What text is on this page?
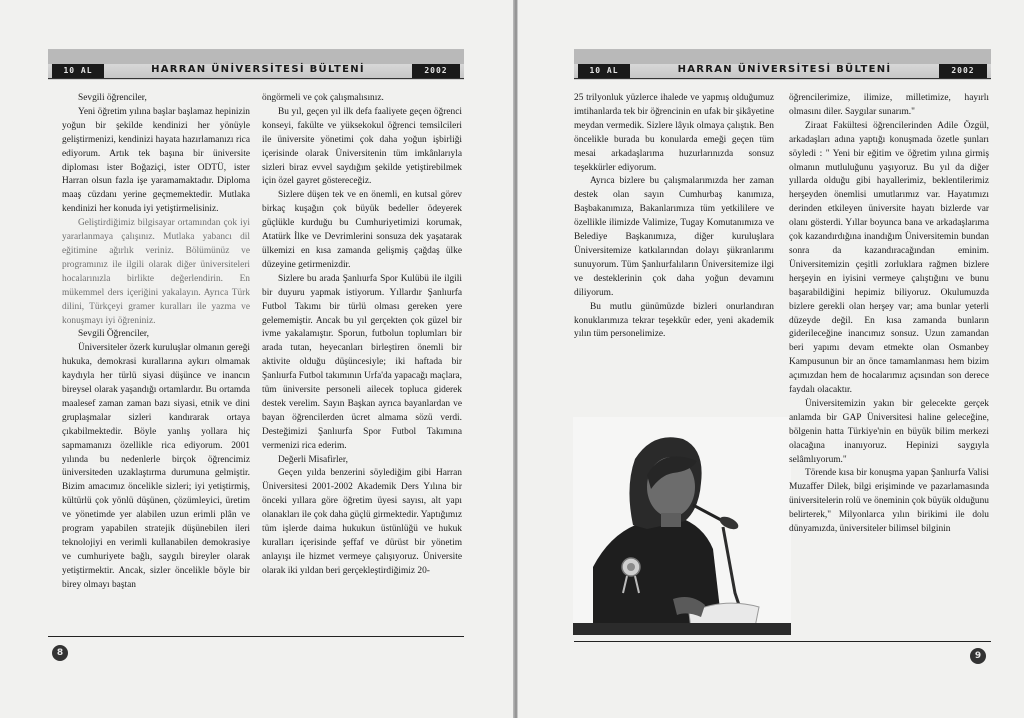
10 AL	HARRAN ÜNİVERSİTESİ BÜLTENİ	2002

Sevgili öğrenciler,

Yeni öğretim yılına başlar başlamaz hepinizin yoğun bir şekilde kendinizi her yönüyle geliştirmenizi, kendinizi hayata hazırlamanızı rica ediyorum. Artık tek başına bir üniversite diploması ister Boğaziçi, ister ODTÜ, ister Harran olsun fazla işe yaramamaktadır. Diploma maaş cüzdanı yerine geçmemektedir. Mutlaka kendinizi her konuda iyi yetiştirmelisiniz.

Geliştirdiğimiz bilgisayar ortamından çok iyi yararlanmaya çalışınız. Mutlaka yabancı dil eğitimine ağırlık veriniz. Bölümünüz ve programınız ile ilgili olarak diğer üniversiteleri hocalarınızla birlikte değerlendirin. En mükemmel ders içeriğini yakalayın. Ayrıca Türk dilini, Türkçeyi gramer kuralları ile yazma ve konuşmayı iyi öğreniniz.

Sevgili Öğrenciler,

Üniversiteler özerk kuruluşlar olmanın gereği hukuka, demokrasi kurallarına aykırı olmamak kaydıyla her türlü siyasi düşünce ve inancın bireysel olarak yaşandığı ortamlardır. Bu ortamda maalesef zaman zaman bazı siyasi, etnik ve dini gruplaşmalar sizleri kandırarak ortaya çıkabilmektedir. Böyle yanlış yollara hiç sapmamanızı özellikle rica ediyorum. 2001 yılında bu nedenlerle birçok öğrencimiz üniversiteden uzaklaştırma durumuna gelmiştir. Bizim amacımız öncelikle sizleri; iyi yetiştirmiş, kültürlü çok yönlü düşünen, çözümleyici, üretim ve yönetimde yer alabilen uzun erimli plân ve program yapabilen stratejik düşünebilen ileri teknolojiyi en verimli kullanabilen demokrasiye ve cumhuriyete bağlı, saygılı bireyler olarak yetiştirmektir. Ancak, sizler öncelikle böyle bir birey olmayı baştan

öngörmeli ve çok çalışmalısınız.

Bu yıl, geçen yıl ilk defa faaliyete geçen öğrenci konseyi, fakülte ve yüksekokul öğrenci temsilcileri ile üniversite yönetimi çok daha yoğun işbirliği içerisinde olarak Üniversitenin tüm imkânlarıyla sizleri biraz evvel saydığım şekilde yetiştirebilmek için özel gayret göstereceğiz.

Sizlere düşen tek ve en önemli, en kutsal görev birkaç kuşağın çok büyük bedeller ödeyerek güçlükle kurduğu bu Cumhuriyetimizi korumak, Atatürk İlke ve Devrimlerini sonsuza dek yaşatarak ülkemizi en kısa zamanda gelişmiş çağdaş ülke düzeyine getirmenizdir.

Sizlere bu arada Şanlıurfa Spor Kulübü ile ilgili bir duyuru yapmak istiyorum. Yıllardır Şanlıurfa Futbol Takımı bir türlü olması gereken yere gelememiştir. Ancak bu yıl gerçekten çok güzel bir ivme yakalamıştır. Sporun, futbolun toplumları bir arada tutan, heyecanları birleştiren önemli bir aktivite olduğu düşüncesiyle; iki haftada bir Şanlıurfa Futbol takımının Urfa'da yapacağı maçlara, tüm üniversite personeli ailecek topluca giderek destek verelim. Sayın Başkan ayrıca bayanlardan ve bayan öğrencilerden ücret almama sözü verdi. Desteğimizi Şanlıurfa Spor Futbol Takımına vermenizi rica ederim.

Değerli Misafirler,

Geçen yılda benzerini söylediğim gibi Harran Üniversitesi 2001-2002 Akademik Ders Yılına bir önceki yıllara göre öğretim üyesi sayısı, alt yapı olanakları ile çok daha güçlü girmektedir. Yaptığımız tüm işlerde daima hukukun üstünlüğü ve hukuk kuralları içerisinde şeffaf ve dürüst bir yönetim anlayışı ile hizmet vermeye çalışıyoruz. Üniversite olarak iki yıldan beri gerçekleştirdiğimiz 20-

8
10 AL	HARRAN ÜNİVERSİTESİ BÜLTENİ	2002

25 trilyonluk yüzlerce ihalede ve yapmış olduğumuz imtihanlarda tek bir öğrencinin en ufak bir şikâyetine meydan vermedik. Sizlere lâyık olmaya çalıştık. Ben öncelikle burada bu konularda emeği geçen tüm mesai arkadaşlarıma huzurlarınızda sonsuz teşekkürler ediyorum.

Ayrıca bizlere bu çalışmalarımızda her zaman destek olan sayın Cumhurbaş kanımıza, Başbakanımıza, Bakanlarımıza tüm yetkililere ve özellikle ilimizde Valimize, Tugay Komutanımıza ve Belediye Başkanımıza, diğer kuruluşlara Üniversitemize katkılarından dolayı şükranlarımı sunuyorum. Tüm Şanlıurfalıların Üniversitemize ilgi ve desteklerinin çok daha yoğun devamını diliyorum.

Bu mutlu günümüzde bizleri onurlandıran konuklarımıza tekrar teşekkür eder, yeni akademik yılın tüm personelimize.

öğrencilerimize, ilimize, milletimize, hayırlı olmasını diler. Saygılar sunarım."

Ziraat Fakültesi öğrencilerinden Adile Özgül, arkadaşları adına yaptığı konuşmada özetle şunları söyledi : " Yeni bir eğitim ve öğretim yılına girmiş olmanın mutluluğunu yaşıyoruz. Bu yıl da diğer yıllarda olduğu gibi hayallerimiz, beklentilerimiz herşeyden önemlisi umutlarımız var. Hayatımızı derinden etkileyen üniversite hayatı bizlerde var olanı gösterdi. Yıllar boyunca bana ve arkadaşlarıma çok kazandırdığına inandığım Üniversitemin bundan sonra da kazandıracağından eminim. Üniversitemizin çeşitli zorluklara rağmen bizlere herşeyin en iyisini vermeye çalıştığını ve bunu başarabildiğini hepimiz biliyoruz. Okulumuzda bizlere gerekli olan herşey var; ama bunlar yeterli düzeyde değil. En kısa zamanda bunların giderileceğine inancımız sonsuz. Uzun zamandan beri yapımı devam etmekte olan Osmanbey Kampusunun bir an önce tamamlanması hem bizim açımızdan hem de hocalarımız açısından son derece faydalı olacaktır.

Üniversitemizin yakın bir gelecekte gerçek anlamda bir GAP Üniversitesi haline geleceğine, bölgenin hatta Türkiye'nin en büyük bilim merkezi olacağına inanıyoruz. Hepinizi saygıyla selâmlıyorum."

Törende kısa bir konuşma yapan Şanlıurfa Valisi Muzaffer Dilek, bilgi erişiminde ve pazarlamasında üniversitelerin rolü ve öneminin çok büyük olduğunu belirterek," Milyonlarca yılın birikimi ile dolu dünyamızda, üniversiteler bilimsel bilginin

9
